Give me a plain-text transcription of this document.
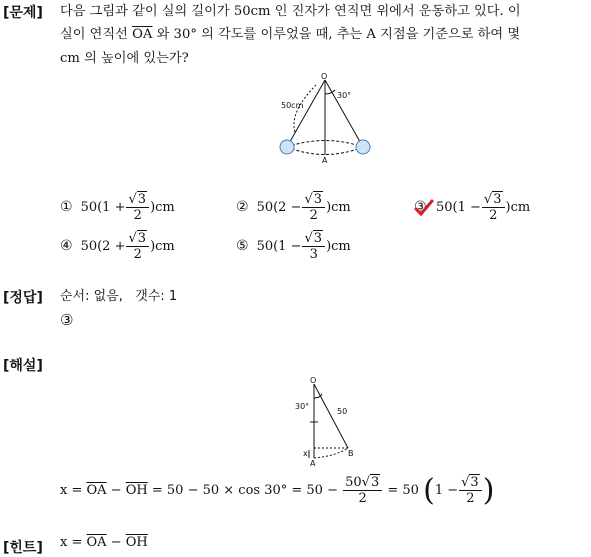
[문제] 다음 그림과 같이 실의 길이가 50cm 인 진자가 연직면 위에서 운동하고 있다. 이
실이 연직선 $\overline{OA}$ 와 30° 의 각도를 이루었을 때, 추는 A 지점을 기준으로 하여 몇
cm 의 높이에 있는가?
O
A
50cm
30°
① $50(1 + \frac{√3}{2} )cm$	② $50(2 - \frac{√3}{2} )cm$	③ $50(1 - \frac{√3}{2} )cm$
④ $50(2 + \frac{√3}{2} )cm$	⑤ $50(1 - \frac{√3}{3} )cm$
[정답] 순서: 없음,   갯수: 1
③
[해설]
O
A
B
x
50
30°
$x = \overline{OA} - \overline{OH} = 50 - 50 \times \cos 30^\circ = 50 - \frac{50√3}{2} = 50$ ($1 - \frac{√3}{2}$ )
[힌트] $x = \overline{OA} - \overline{OH}$
